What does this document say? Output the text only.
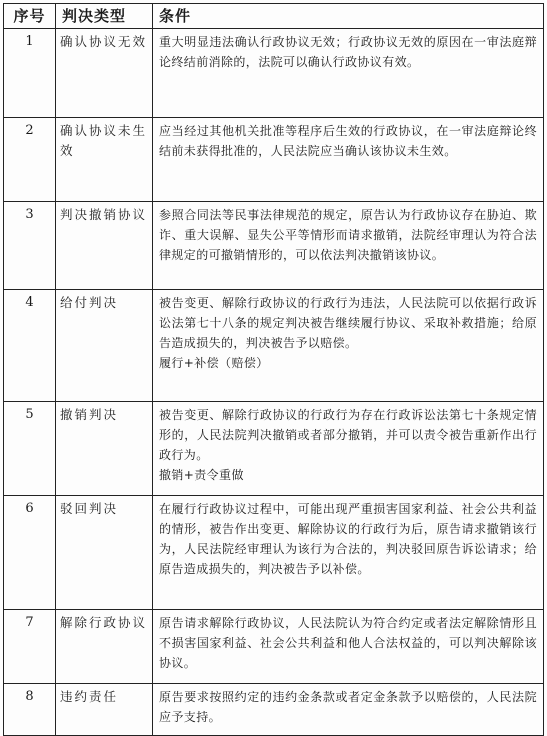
序号	判决类型	条件
1	确认协议无效	重大明显违法确认行政协议无效；行政协议无效的原因在一审法庭辩论终结前消除的，法院可以确认行政协议有效。
2	确认协议未生效	应当经过其他机关批准等程序后生效的行政协议，在一审法庭辩论终结前未获得批准的，人民法院应当确认该协议未生效。
3	判决撤销协议	参照合同法等民事法律规范的规定，原告认为行政协议存在胁迫、欺诈、重大误解、显失公平等情形而请求撤销，法院经审理认为符合法律规定的可撤销情形的，可以依法判决撤销该协议。
4	给付判决	被告变更、解除行政协议的行政行为违法，人民法院可以依据行政诉讼法第七十八条的规定判决被告继续履行协议、采取补救措施；给原告造成损失的，判决被告予以赔偿。
履行+补偿（赔偿）

5	撤销判决	被告变更、解除行政协议的行政行为存在行政诉讼法第七十条规定情形的，人民法院判决撤销或者部分撤销，并可以责令被告重新作出行政行为。
撤销+责令重做

6	驳回判决	在履行行政协议过程中，可能出现严重损害国家利益、社会公共利益的情形，被告作出变更、解除协议的行政行为后，原告请求撤销该行为，人民法院经审理认为该行为合法的，判决驳回原告诉讼请求；给原告造成损失的，判决被告予以补偿。
7	解除行政协议	原告请求解除行政协议，人民法院认为符合约定或者法定解除情形且不损害国家利益、社会公共利益和他人合法权益的，可以判决解除该协议。
8	违约责任	原告要求按照约定的违约金条款或者定金条款予以赔偿的，人民法院应予支持。
